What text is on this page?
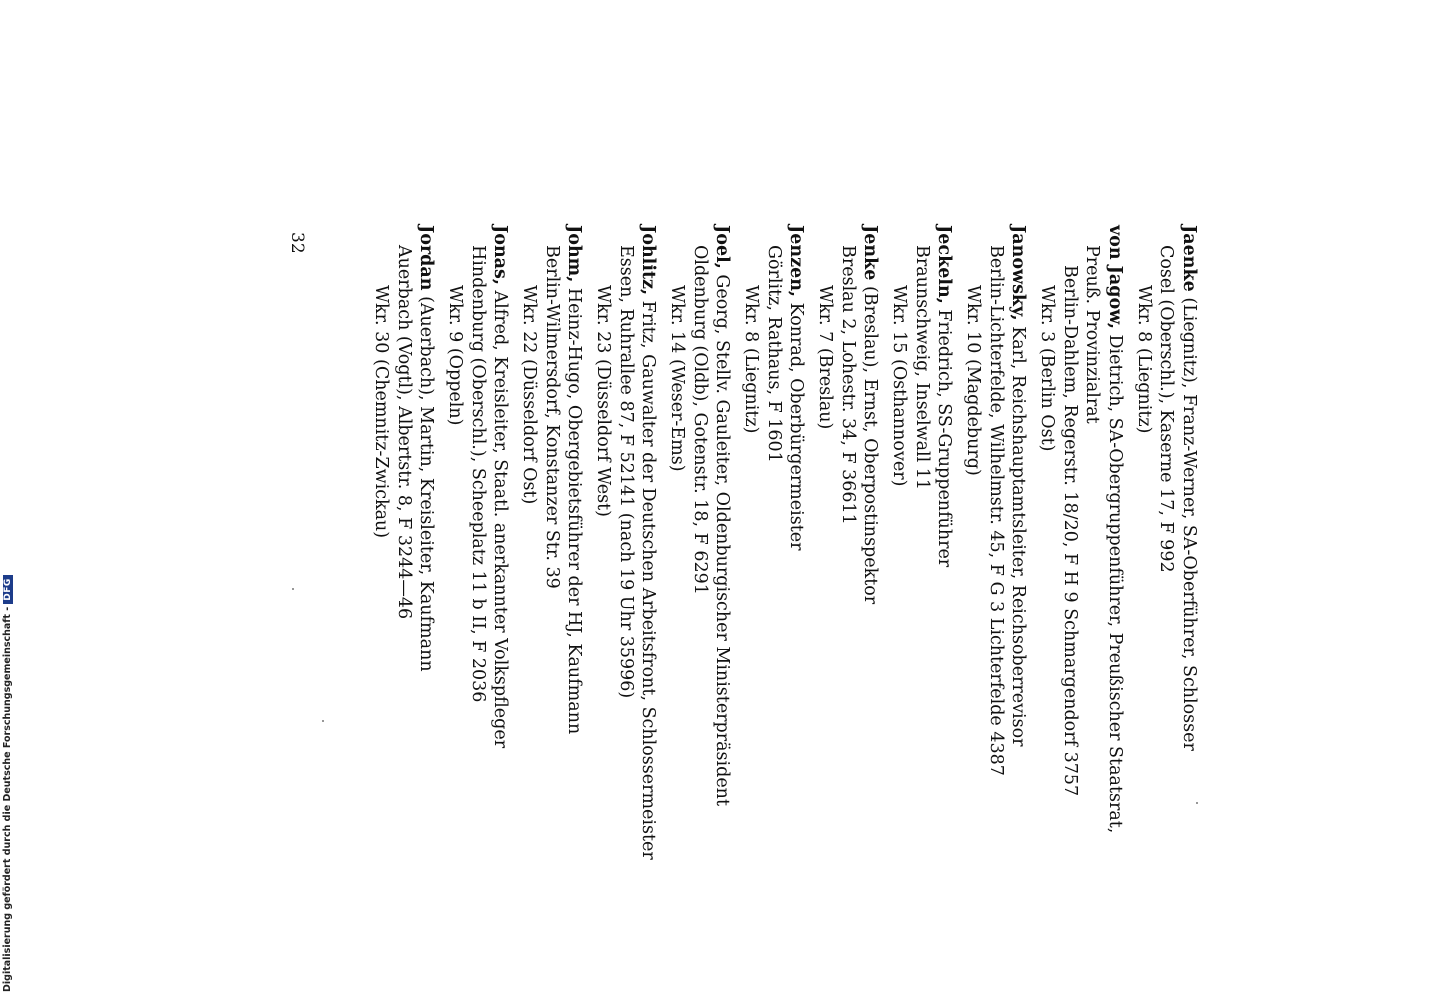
Jaenke (Liegnitz), Franz-Werner, SA-Oberführer, Schlosser
Cosel (Oberschl.), Kaserne 17, F 992
Wkr. 8 (Liegnitz)
von Jagow, Dietrich, SA-Obergruppenführer, Preußischer Staatsrat,
Preuß. Provinzialrat
Berlin-Dahlem, Regerstr. 18/20, F H 9 Schmargendorf 3757
Wkr. 3 (Berlin Ost)
Janowsky, Karl, Reichshauptamtsleiter, Reichsoberrevisor
Berlin-Lichterfelde, Wilhelmstr. 45, F G 3 Lichterfelde 4387
Wkr. 10 (Magdeburg)
Jeckeln, Friedrich, SS-Gruppenführer
Braunschweig, Inselwall 11
Wkr. 15 (Osthannover)
Jenke (Breslau), Ernst, Oberpostinspektor
Breslau 2, Lohestr. 34, F 36611
Wkr. 7 (Breslau)
Jenzen, Konrad, Oberbürgermeister
Görlitz, Rathaus, F 1601
Wkr. 8 (Liegnitz)
Joel, Georg, Stellv. Gauleiter, Oldenburgischer Ministerpräsident
Oldenburg (Oldb), Gotenstr. 18, F 6291
Wkr. 14 (Weser-Ems)
Johlitz, Fritz, Gauwalter der Deutschen Arbeitsfront, Schlossermeister
Essen, Ruhrallee 87, F 52141 (nach 19 Uhr 35996)
Wkr. 23 (Düsseldorf West)
Johm, Heinz-Hugo, Obergebietsführer der HJ, Kaufmann
Berlin-Wilmersdorf, Konstanzer Str. 39
Wkr. 22 (Düsseldorf Ost)
Jonas, Alfred, Kreisleiter, Staatl. anerkannter Volkspfleger
Hindenburg (Oberschl.), Scheeplatz 11 b II, F 2036
Wkr. 9 (Oppeln)
Jordan (Auerbach), Martin, Kreisleiter, Kaufmann
Auerbach (Vogtl), Albertstr. 8, F 3244—46
Wkr. 30 (Chemnitz-Zwickau)
32
Digitalisierung gefördert durch die Deutsche Forschungsgemeinschaft -DFG
